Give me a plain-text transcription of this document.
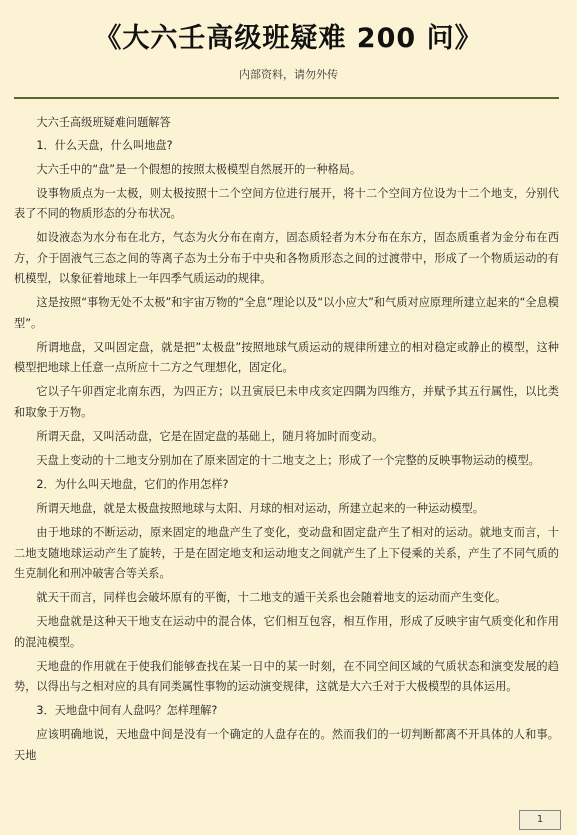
《大六壬高级班疑难 200 问》
内部资料，请勿外传

大六壬高级班疑难问题解答

1．什么天盘，什么叫地盘?

大六壬中的“盘”是一个假想的按照太极模型自然展开的一种格局。

设事物质点为一太极，则太极按照十二个空间方位进行展开，将十二个空间方位设为十二个地支，分别代表了不同的物质形态的分布状况。

如设液态为水分布在北方，气态为火分布在南方，固态质轻者为木分布在东方，固态质重者为金分布在西方，介于固液气三态之间的等离子态为土分布于中央和各物质形态之间的过渡带中，形成了一个物质运动的有机模型，以象征着地球上一年四季气质运动的规律。

这是按照“事物无处不太极”和宇宙万物的“全息”理论以及“以小应大”和气质对应原理所建立起来的“全息模型”。

所谓地盘，又叫固定盘，就是把”太极盘”按照地球气质运动的规律所建立的相对稳定或静止的模型，这种模型把地球上任意一点所应十二方之气理想化，固定化。

它以子午卯酉定北南东西，为四正方；以丑寅辰巳未申戌亥定四隅为四维方，并赋予其五行属性，以比类和取象于万物。

所谓天盘，又叫活动盘，它是在固定盘的基础上，随月将加时而变动。

天盘上变动的十二地支分别加在了原来固定的十二地支之上；形成了一个完整的反映事物运动的模型。

2．为什么叫天地盘，它们的作用怎样?

所谓天地盘，就是太极盘按照地球与太阳、月球的相对运动，所建立起来的一种运动模型。

由于地球的不断运动，原来固定的地盘产生了变化，变动盘和固定盘产生了相对的运动。就地支而言，十二地支随地球运动产生了旋转，于是在固定地支和运动地支之间就产生了上下侵乘的关系，产生了不同气质的生克制化和刑冲破害合等关系。

就天干而言，同样也会破坏原有的平衡，十二地支的遁干关系也会随着地支的运动而产生变化。

天地盘就是这种天干地支在运动中的混合体，它们相互包容，相互作用，形成了反映宇宙气质变化和作用的混沌模型。

天地盘的作用就在于使我们能够查找在某一日中的某一时刻，在不同空间区域的气质状态和演变发展的趋势，以得出与之相对应的具有同类属性事物的运动演变规律，这就是大六壬对于大极模型的具体运用。

3．天地盘中间有人盘吗？怎样理解?

应该明确地说，天地盘中间是没有一个确定的人盘存在的。然而我们的一切判断都离不开具体的人和事。天地

1
